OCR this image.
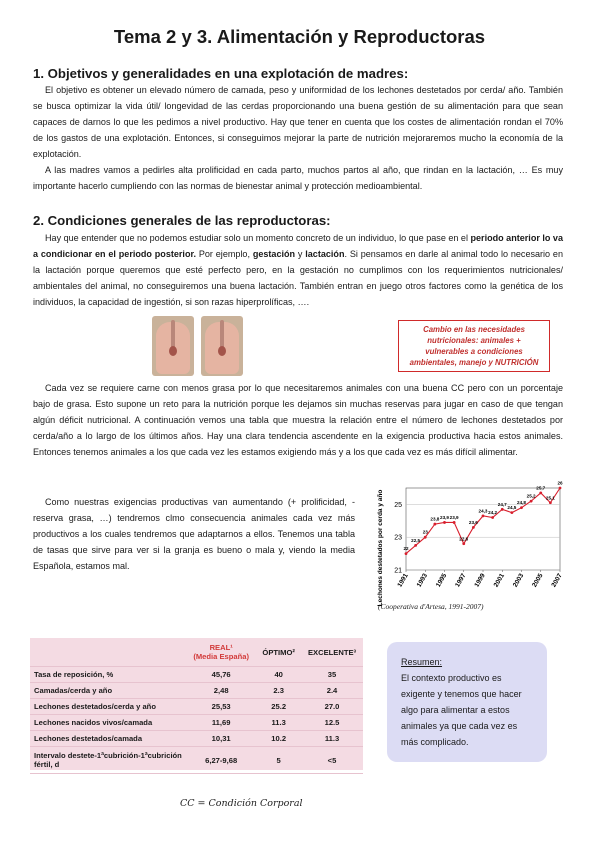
Tema 2 y 3. Alimentación y Reproductoras
1. Objetivos y generalidades en una explotación de madres:

El objetivo es obtener un elevado número de camada, peso y uniformidad de los lechones destetados por cerda/ año. También se busca optimizar la vida útil/ longevidad de las cerdas proporcionando una buena gestión de su alimentación para que sean capaces de darnos lo que les pedimos a nivel productivo. Hay que tener en cuenta que los costes de alimentación rondan el 70% de los gastos de una explotación. Entonces, si conseguimos mejorar la parte de nutrición mejoraremos mucho la economía de la explotación.

A las madres vamos a pedirles alta prolificidad en cada parto, muchos partos al año, que rindan en la lactación, … Es muy importante hacerlo cumpliendo con las normas de bienestar animal y protección medioambiental.

2. Condiciones generales de las reproductoras:

Hay que entender que no podemos estudiar solo un momento concreto de un individuo, lo que pase en el periodo anterior lo va a condicionar en el periodo posterior. Por ejemplo, gestación y lactación. Si pensamos en darle al animal todo lo necesario en la lactación porque queremos que esté perfecto pero, en la gestación no cumplimos con los requerimientos nutricionales/ ambientales del animal, no conseguiremos una buena lactación. También entran en juego otros factores como la genética de los individuos, la capacidad de ingestión, si son razas hiperprolíficas, ….

Cambio en las necesidades nutricionales: animales + vulnerables a condiciones ambientales, manejo y NUTRICIÓN

Cada vez se requiere carne con menos grasa por lo que necesitaremos animales con una buena CC pero con un porcentaje bajo de grasa. Esto supone un reto para la nutrición porque les dejamos sin muchas reservas para jugar en caso de que tengan algún déficit nutricional. A continuación vemos una tabla que muestra la relación entre el número de lechones destetados por cerda/año a lo largo de los últimos años. Hay una clara tendencia ascendente en la exigencia productiva hacia estos animales. Entonces tenemos animales a los que cada vez les estamos exigiendo más y a los que cada vez es más difícil alimentar.

Como nuestras exigencias productivas van aumentando (+ prolificidad, - reserva grasa, …) tendremos clmo consecuencia animales cada vez más productivos a los cuales tendremos que adaptarnos a ellos. Tenemos una tabla de tasas que sirve para ver si la granja es bueno o mala y, viendo la media Española, estamos mal.	Lechones destetados por cerda y año 21
23
25
1991 1993 1995 1997 1999 2001 2003 2005 2007
22
22,5
23
23,8 23,9 23,9
22,6
23,6
24,3 24,2
24,7
24,5
24,8
25,2
25,7
25,1
26
(Cooperativa d'Artesa, 1991-2007)
	REAL¹
(Media España)	ÓPTIMO²	EXCELENTE³
Tasa de reposición, %	45,76	40	35
Camadas/cerda y año	2,48	2.3	2.4
Lechones destetados/cerda y año	25,53	25.2	27.0
Lechones nacidos vivos/camada	11,69	11.3	12.5
Lechones destetados/camada	10,31	10.2	11.3
Intervalo destete-1ªcubrición-1ªcubrición fértil, d	6,27-9,68	5	<5
Resumen:
El contexto productivo es exigente y tenemos que hacer algo para alimentar a estos animales ya que cada vez es más complicado.
CC = Condición Corporal
